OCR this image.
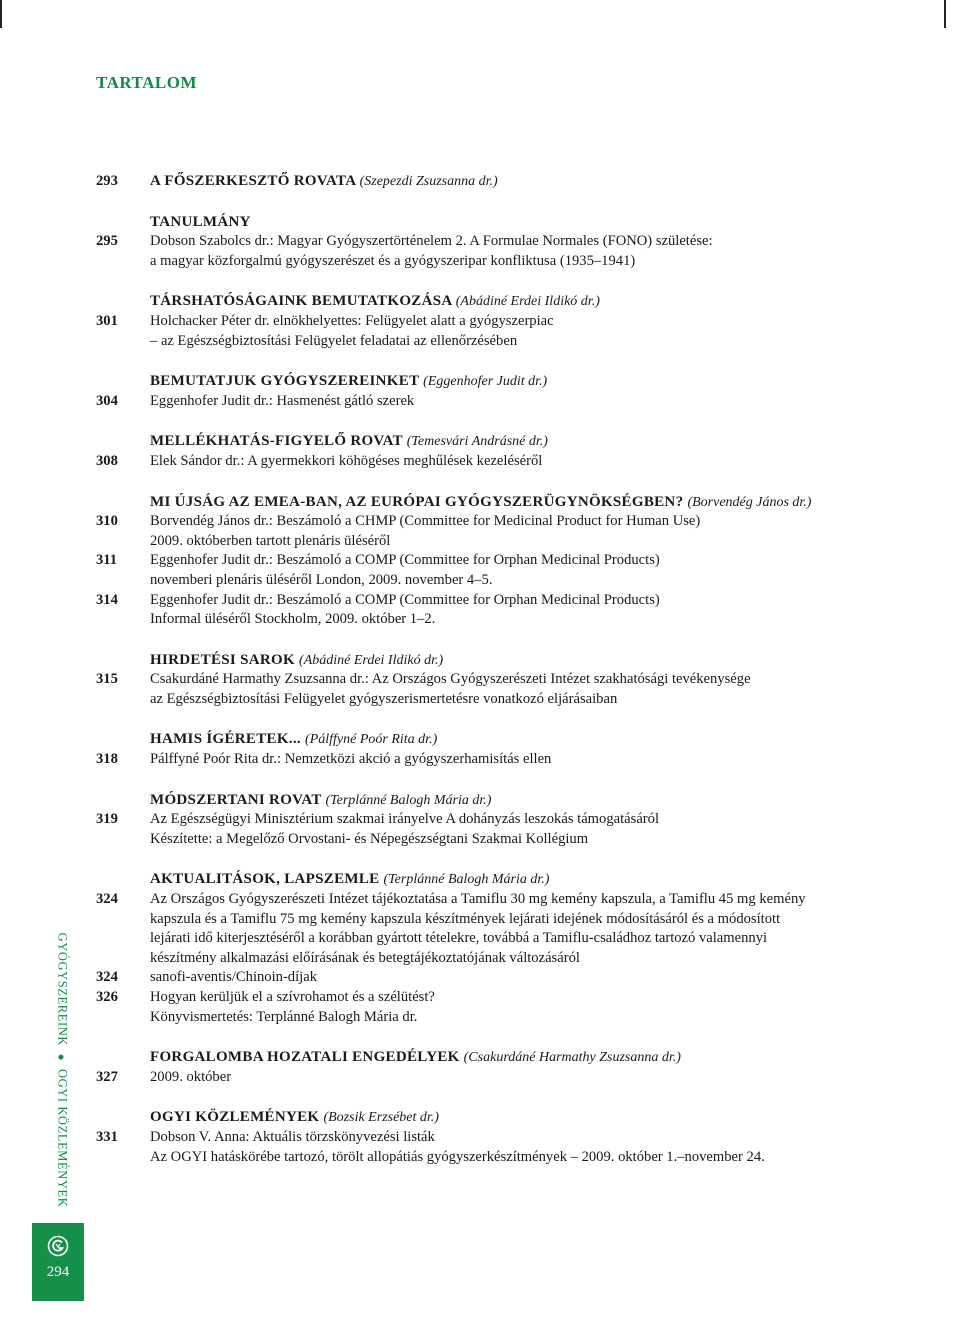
TARTALOM
293	A FŐSZERKESZTŐ ROVATA (Szepezdi Zsuzsanna dr.)
TANULMÁNY
295	Dobson Szabolcs dr.: Magyar Gyógyszertörténelem 2. A Formulae Normales (FONO) születése:
a magyar közforgalmú gyógyszerészet és a gyógyszeripar konfliktusa (1935–1941)
TÁRSHATÓSÁGAINK BEMUTATKOZÁSA (Abádiné Erdei Ildikó dr.)
301	Holchacker Péter dr. elnökhelyettes: Felügyelet alatt a gyógyszerpiac
– az Egészségbiztosítási Felügyelet feladatai az ellenőrzésében
BEMUTATJUK GYÓGYSZEREINKET (Eggenhofer Judit dr.)
304	Eggenhofer Judit dr.: Hasmenést gátló szerek
MELLÉKHATÁS-FIGYELŐ ROVAT (Temesvári Andrásné dr.)
308	Elek Sándor dr.: A gyermekkori köhögéses meghűlések kezeléséről
MI ÚJSÁG AZ EMEA-BAN, AZ EURÓPAI GYÓGYSZERÜGYNÖKSÉGBEN? (Borvendég János dr.)
310	Borvendég János dr.: Beszámoló a CHMP (Committee for Medicinal Product for Human Use)
2009. októberben tartott plenáris üléséről
311	Eggenhofer Judit dr.: Beszámoló a COMP (Committee for Orphan Medicinal Products)
novemberi plenáris üléséről London, 2009. november 4–5.
314	Eggenhofer Judit dr.: Beszámoló a COMP (Committee for Orphan Medicinal Products)
Informal üléséről Stockholm, 2009. október 1–2.
HIRDETÉSI SAROK (Abádiné Erdei Ildikó dr.)
315	Csakurdáné Harmathy Zsuzsanna dr.: Az Országos Gyógyszerészeti Intézet szakhatósági tevékenysége
az Egészségbiztosítási Felügyelet gyógyszerismertetésre vonatkozó eljárásaiban
HAMIS ÍGÉRETEK... (Pálffyné Poór Rita dr.)
318	Pálffyné Poór Rita dr.: Nemzetközi akció a gyógyszerhamisítás ellen
MÓDSZERTANI ROVAT (Terplánné Balogh Mária dr.)
319	Az Egészségügyi Minisztérium szakmai irányelve A dohányzás leszokás támogatásáról
Készítette: a Megelőző Orvostani- és Népegészségtani Szakmai Kollégium
AKTUALITÁSOK, LAPSZEMLE (Terplánné Balogh Mária dr.)
324	Az Országos Gyógyszerészeti Intézet tájékoztatása a Tamiflu 30 mg kemény kapszula, a Tamiflu 45 mg kemény
kapszula és a Tamiflu 75 mg kemény kapszula készítmények lejárati idejének módosításáról és a módosított
lejárati idő kiterjesztéséről a korábban gyártott tételekre, továbbá a Tamiflu-családhoz tartozó valamennyi
készítmény alkalmazási előírásának és betegtájékoztatójának változásáról
324	sanofi-aventis/Chinoin-díjak
326	Hogyan kerüljük el a szívrohamot és a szélütést?
Könyvismertetés: Terplánné Balogh Mária dr.
FORGALOMBA HOZATALI ENGEDÉLYEK (Csakurdáné Harmathy Zsuzsanna dr.)
327	2009. október
OGYI KÖZLEMÉNYEK (Bozsik Erzsébet dr.)
331	Dobson V. Anna: Aktuális törzskönyvezési listák
Az OGYI hatáskörébe tartozó, törölt allopátiás gyógyszerkészítmények – 2009. október 1.–november 24.
GYÓGYSZEREINKOGYI KÖZLEMÉNYEK
294
